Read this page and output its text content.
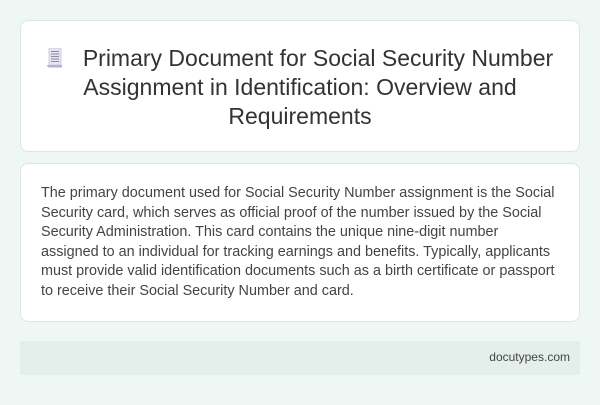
Primary Document for Social Security Number Assignment in Identification: Overview and Requirements

The primary document used for Social Security Number assignment is the Social Security card, which serves as official proof of the number issued by the Social Security Administration. This card contains the unique nine-digit number assigned to an individual for tracking earnings and benefits. Typically, applicants must provide valid identification documents such as a birth certificate or passport to receive their Social Security Number and card.

docutypes.com
